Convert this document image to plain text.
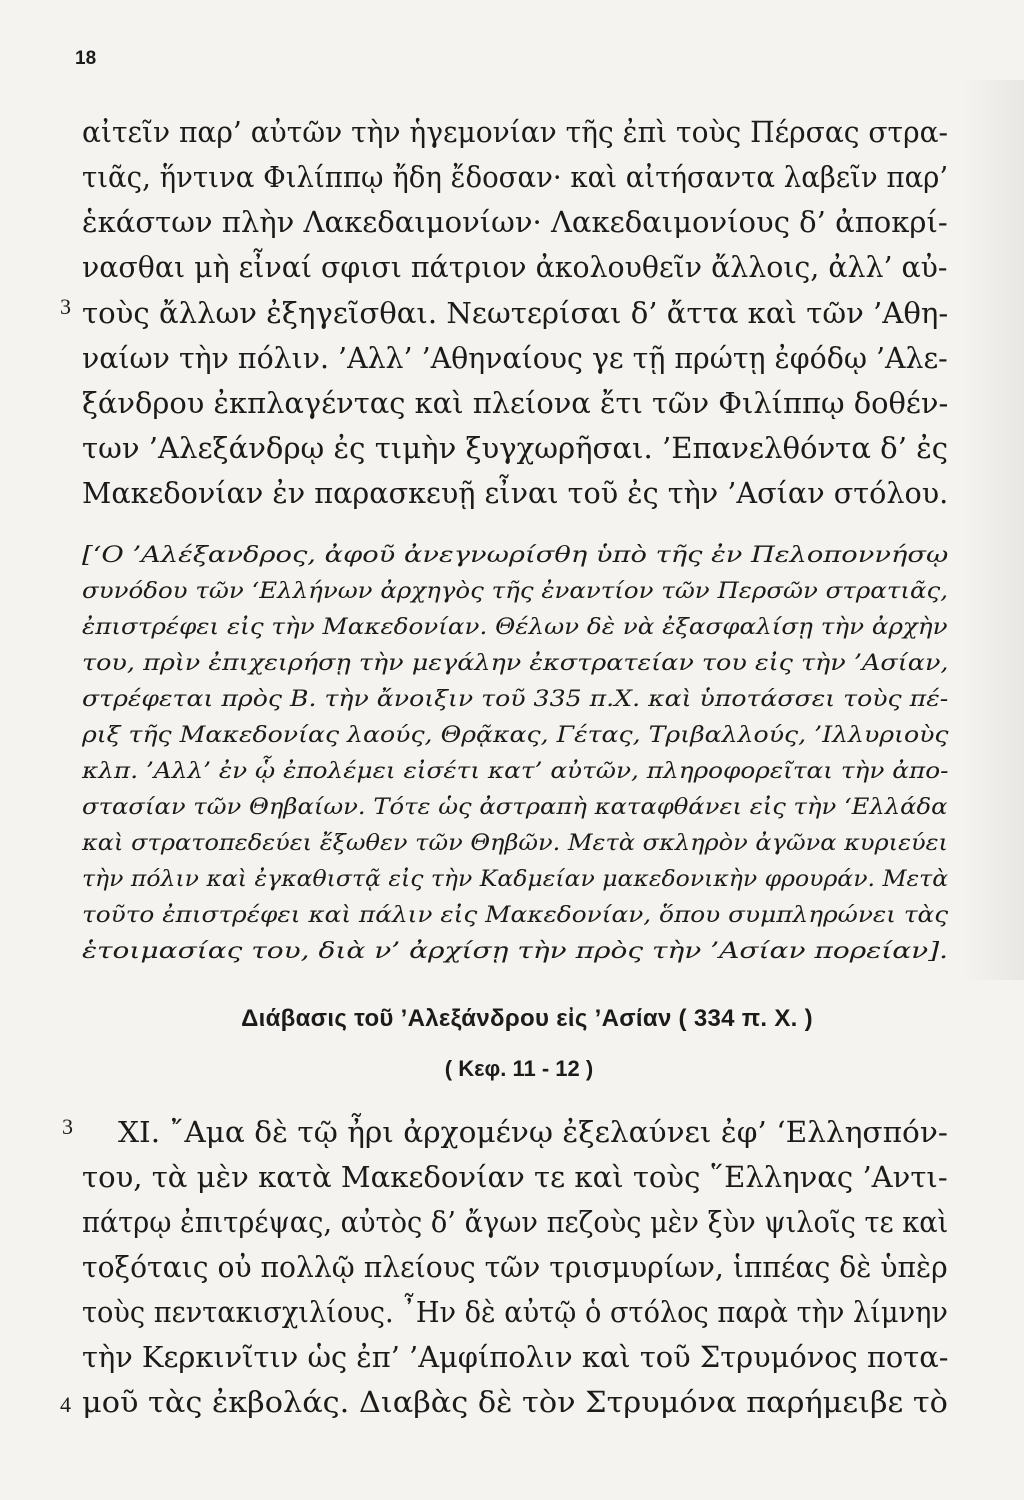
18
αἰτεῖν παρ’ αὐτῶν τὴν ἡγεμονίαν τῆς ἐπὶ τοὺς Πέρσας στρα-
τιᾶς, ἥντινα Φιλίππῳ ἤδη ἔδοσαν· καὶ αἰτήσαντα λαβεῖν παρ’
ἑκάστων πλὴν Λακεδαιμονίων· Λακεδαιμονίους δ’ ἀποκρί-
νασθαι μὴ εἶναί σφισι πάτριον ἀκολουθεῖν ἄλλοις, ἀλλ’ αὐ-
τοὺς ἄλλων ἐξηγεῖσθαι. Νεωτερίσαι δ’ ἄττα καὶ τῶν ’Αθη-
ναίων τὴν πόλιν. ’Αλλ’ ’Αθηναίους γε τῇ πρώτῃ ἐφόδῳ ’Αλε-
ξάνδρου ἐκπλαγέντας καὶ πλείονα ἔτι τῶν Φιλίππῳ δοθέν-
των ’Αλεξάνδρῳ ἐς τιμὴν ξυγχωρῆσαι. ’Επανελθόντα δ’ ἐς
Μακεδονίαν ἐν παρασκευῇ εἶναι τοῦ ἐς τὴν ’Ασίαν στόλου.
3
[‘Ο ’Αλέξανδρος, ἀφοῦ ἀνεγνωρίσθη ὑπὸ τῆς ἐν Πελοποννήσῳ
συνόδου τῶν ‘Ελλήνων ἀρχηγὸς τῆς ἐναντίον τῶν Περσῶν στρατιᾶς,
ἐπιστρέφει εἰς τὴν Μακεδονίαν. Θέλων δὲ νὰ ἐξασφαλίσῃ τὴν ἀρχὴν
του, πρὶν ἐπιχειρήσῃ τὴν μεγάλην ἐκστρατείαν του εἰς τὴν ’Ασίαν,
στρέφεται πρὸς Β. τὴν ἄνοιξιν τοῦ 335 π.Χ. καὶ ὑποτάσσει τοὺς πέ-
ριξ τῆς Μακεδονίας λαούς, Θρᾷκας, Γέτας, Τριβαλλούς, ’Ιλλυριοὺς
κλπ. ’Αλλ’ ἐν ᾧ ἐπολέμει εἰσέτι κατ’ αὐτῶν, πληροφορεῖται τὴν ἀπο-
στασίαν τῶν Θηβαίων. Τότε ὡς ἀστραπὴ καταφθάνει εἰς τὴν ‘Ελλάδα
καὶ στρατοπεδεύει ἔξωθεν τῶν Θηβῶν. Μετὰ σκληρὸν ἀγῶνα κυριεύει
τὴν πόλιν καὶ ἐγκαθιστᾷ εἰς τὴν Καδμείαν μακεδονικὴν φρουράν. Μετὰ
τοῦτο ἐπιστρέφει καὶ πάλιν εἰς Μακεδονίαν, ὅπου συμπληρώνει τὰς
ἑτοιμασίας του, διὰ ν’ ἀρχίσῃ τὴν πρὸς τὴν ’Ασίαν πορείαν].
Διάβασις τοῦ ’Αλεξάνδρου εἰς ’Ασίαν ( 334 π. Χ. )
( Κεφ. 11 - 12 )
XI. ῎Αμα δὲ τῷ ἦρι ἀρχομένῳ ἐξελαύνει ἐφ’ ‘Ελλησπόν-
του, τὰ μὲν κατὰ Μακεδονίαν τε καὶ τοὺς ῞Ελληνας ’Αντι-
πάτρῳ ἐπιτρέψας, αὐτὸς δ’ ἄγων πεζοὺς μὲν ξὺν ψιλοῖς τε καὶ
τοξόταις οὐ πολλῷ πλείους τῶν τρισμυρίων, ἱππέας δὲ ὑπὲρ
τοὺς πεντακισχιλίους. ῏Ην δὲ αὐτῷ ὁ στόλος παρὰ τὴν λίμνην
τὴν Κερκινῖτιν ὡς ἐπ’ ’Αμφίπολιν καὶ τοῦ Στρυμόνος ποτα-
μοῦ τὰς ἐκβολάς. Διαβὰς δὲ τὸν Στρυμόνα παρήμειβε τὸ
3
4
